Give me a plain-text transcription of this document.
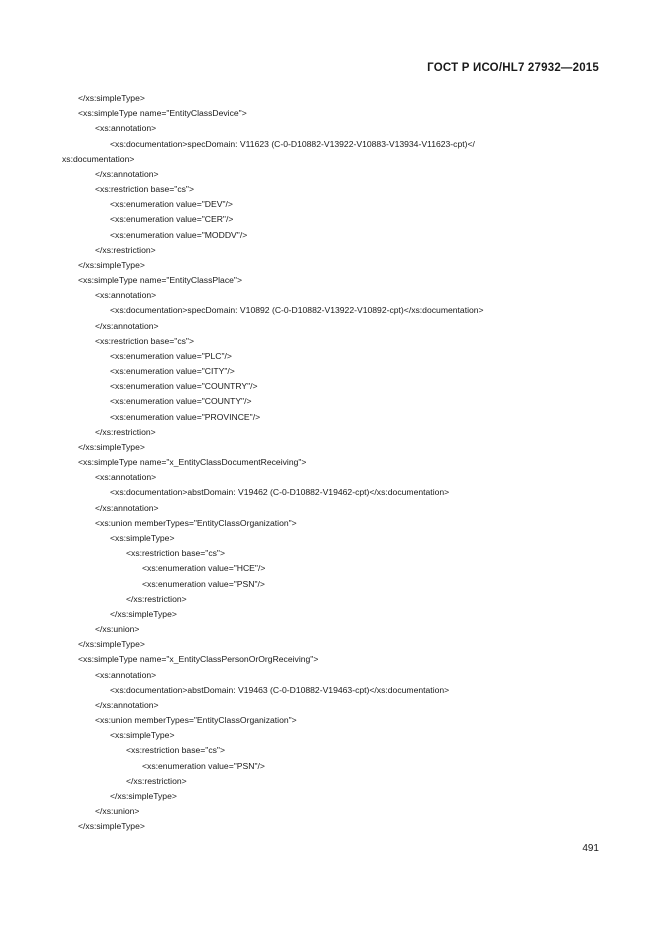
ГОСТ Р ИСО/HL7 27932—2015
</xs:simpleType>
<xs:simpleType name="EntityClassDevice">
<xs:annotation>
<xs:documentation>specDomain: V11623 (C-0-D10882-V13922-V10883-V13934-V11623-cpt)</
xs:documentation>
</xs:annotation>
<xs:restriction base="cs">
<xs:enumeration value="DEV"/>
<xs:enumeration value="CER"/>
<xs:enumeration value="MODDV"/>
</xs:restriction>
</xs:simpleType>
<xs:simpleType name="EntityClassPlace">
<xs:annotation>
<xs:documentation>specDomain: V10892 (C-0-D10882-V13922-V10892-cpt)</xs:documentation>
</xs:annotation>
<xs:restriction base="cs">
<xs:enumeration value="PLC"/>
<xs:enumeration value="CITY"/>
<xs:enumeration value="COUNTRY"/>
<xs:enumeration value="COUNTY"/>
<xs:enumeration value="PROVINCE"/>
</xs:restriction>
</xs:simpleType>
<xs:simpleType name="x_EntityClassDocumentReceiving">
<xs:annotation>
<xs:documentation>abstDomain: V19462 (C-0-D10882-V19462-cpt)</xs:documentation>
</xs:annotation>
<xs:union memberTypes="EntityClassOrganization">
<xs:simpleType>
<xs:restriction base="cs">
<xs:enumeration value="HCE"/>
<xs:enumeration value="PSN"/>
</xs:restriction>
</xs:simpleType>
</xs:union>
</xs:simpleType>
<xs:simpleType name="x_EntityClassPersonOrOrgReceiving">
<xs:annotation>
<xs:documentation>abstDomain: V19463 (C-0-D10882-V19463-cpt)</xs:documentation>
</xs:annotation>
<xs:union memberTypes="EntityClassOrganization">
<xs:simpleType>
<xs:restriction base="cs">
<xs:enumeration value="PSN"/>
</xs:restriction>
</xs:simpleType>
</xs:union>
</xs:simpleType>
491
